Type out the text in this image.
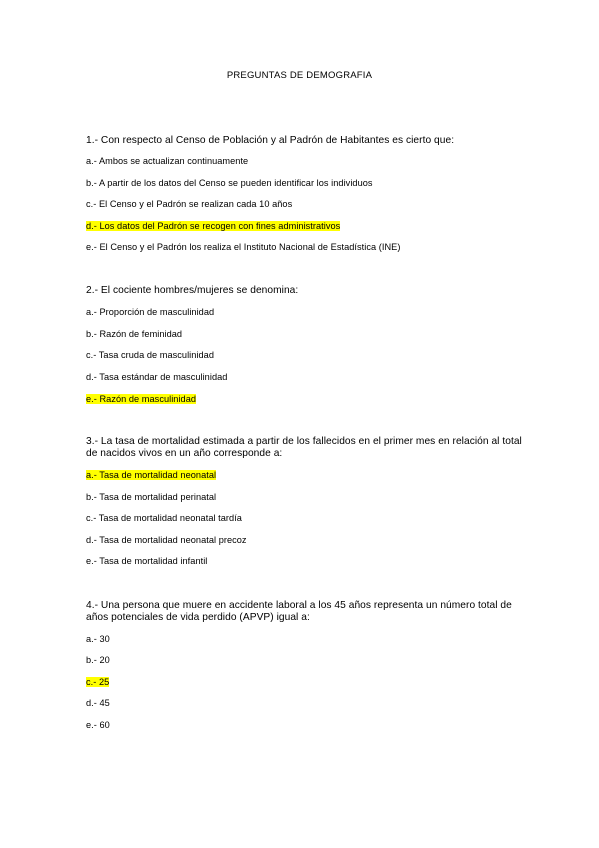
PREGUNTAS DE DEMOGRAFIA
1.- Con respecto al Censo de Población y al Padrón de Habitantes es cierto que:
a.- Ambos se actualizan continuamente
b.- A partir de los datos del Censo se pueden identificar los individuos
c.- El Censo y el Padrón se realizan cada 10 años
d.- Los datos del Padrón se recogen con fines administrativos
e.- El Censo y el Padrón los realiza el Instituto Nacional de Estadística (INE)
2.- El cociente hombres/mujeres se denomina:
a.- Proporción de masculinidad
b.- Razón de feminidad
c.- Tasa cruda de masculinidad
d.- Tasa estándar de masculinidad
e.- Razón de masculinidad
3.- La tasa de mortalidad estimada a partir de los fallecidos en el primer mes en relación al total de nacidos vivos en un año corresponde a:
a.- Tasa de mortalidad neonatal
b.- Tasa de mortalidad perinatal
c.- Tasa de mortalidad neonatal tardía
d.- Tasa de mortalidad neonatal precoz
e.- Tasa de mortalidad infantil
4.- Una persona que muere en accidente laboral a los 45 años representa un número total de años potenciales de vida perdido (APVP) igual a:
a.- 30
b.- 20
c.- 25
d.- 45
e.- 60
